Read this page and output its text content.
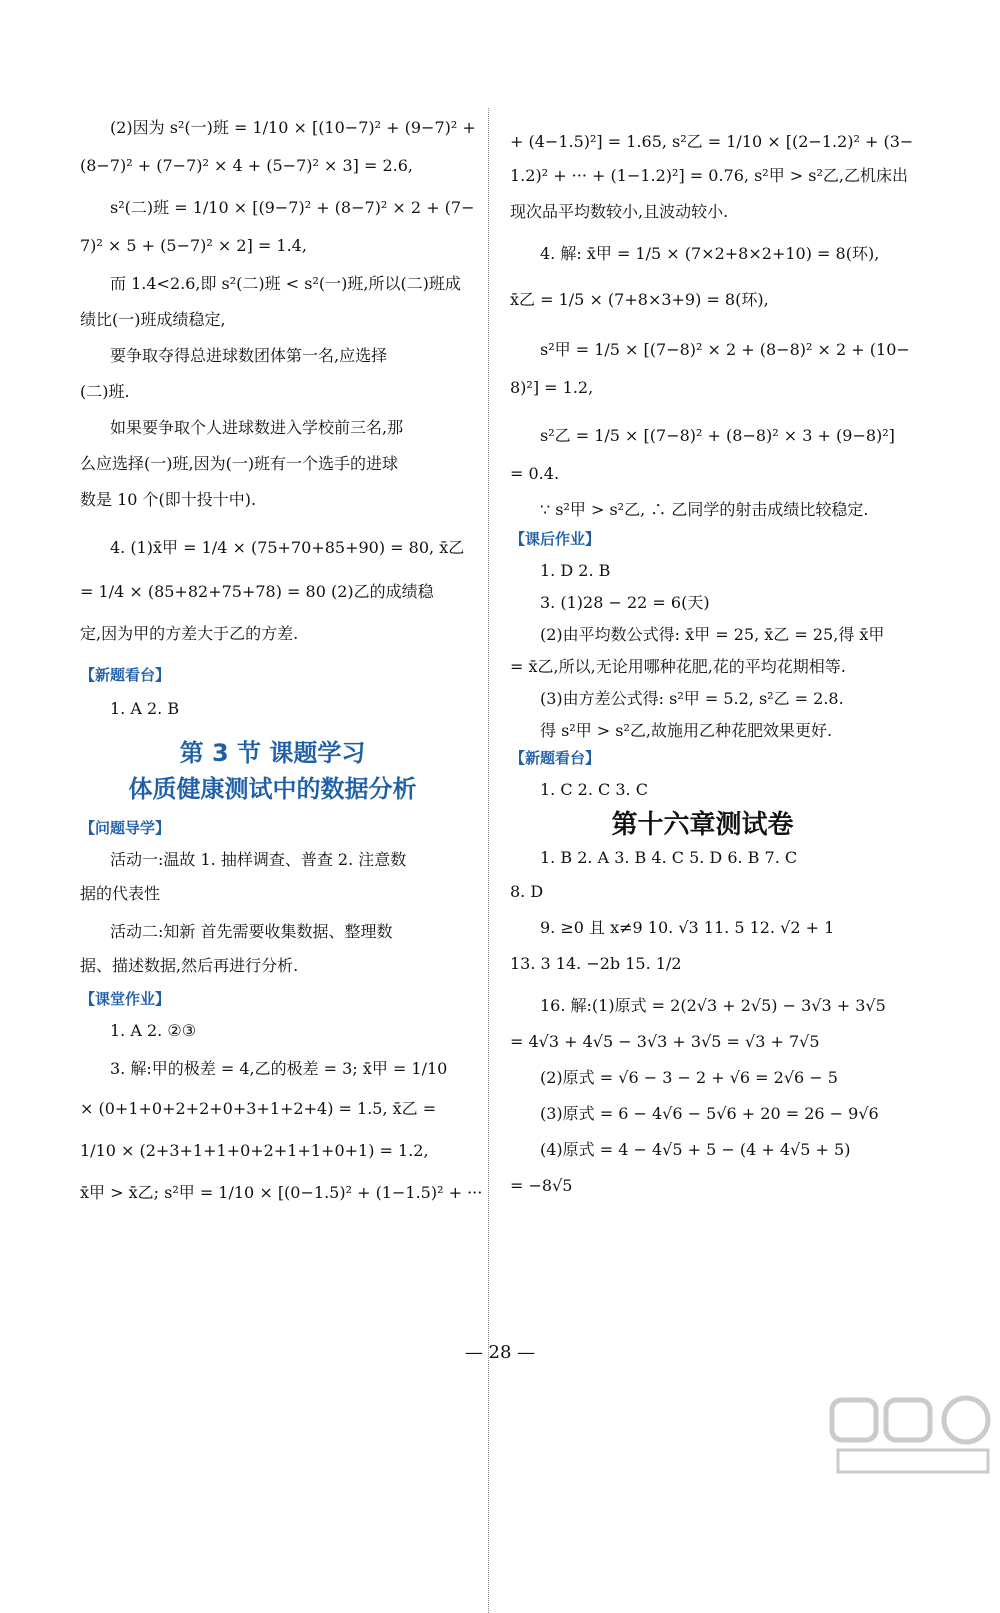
(2)因为 s²(一)班 = 1/10 × [(10−7)² + (9−7)² +
(8−7)² + (7−7)² × 4 + (5−7)² × 3] = 2.6,
s²(二)班 = 1/10 × [(9−7)² + (8−7)² × 2 + (7−
7)² × 5 + (5−7)² × 2] = 1.4,
而 1.4<2.6,即 s²(二)班 < s²(一)班,所以(二)班成
绩比(一)班成绩稳定,
要争取夺得总进球数团体第一名,应选择
(二)班.
如果要争取个人进球数进入学校前三名,那
么应选择(一)班,因为(一)班有一个选手的进球
数是 10 个(即十投十中).
4. (1)x̄甲 = 1/4 × (75+70+85+90) = 80, x̄乙
= 1/4 × (85+82+75+78) = 80 (2)乙的成绩稳
定,因为甲的方差大于乙的方差.
【新题看台】
1. A 2. B
第 3 节 课题学习
体质健康测试中的数据分析
【问题导学】
活动一:温故 1. 抽样调查、普查 2. 注意数
据的代表性
活动二:知新 首先需要收集数据、整理数
据、描述数据,然后再进行分析.
【课堂作业】
1. A 2. ②③
3. 解:甲的极差 = 4,乙的极差 = 3; x̄甲 = 1/10
× (0+1+0+2+2+0+3+1+2+4) = 1.5, x̄乙 =
1/10 × (2+3+1+1+0+2+1+1+0+1) = 1.2,
x̄甲 > x̄乙; s²甲 = 1/10 × [(0−1.5)² + (1−1.5)² + ···
+ (4−1.5)²] = 1.65, s²乙 = 1/10 × [(2−1.2)² + (3−
1.2)² + ··· + (1−1.2)²] = 0.76, s²甲 > s²乙,乙机床出
现次品平均数较小,且波动较小.
4. 解: x̄甲 = 1/5 × (7×2+8×2+10) = 8(环),
x̄乙 = 1/5 × (7+8×3+9) = 8(环),
s²甲 = 1/5 × [(7−8)² × 2 + (8−8)² × 2 + (10−
8)²] = 1.2,
s²乙 = 1/5 × [(7−8)² + (8−8)² × 3 + (9−8)²]
= 0.4.
∵ s²甲 > s²乙, ∴ 乙同学的射击成绩比较稳定.
【课后作业】
1. D 2. B
3. (1)28 − 22 = 6(天)
(2)由平均数公式得: x̄甲 = 25, x̄乙 = 25,得 x̄甲
= x̄乙,所以,无论用哪种花肥,花的平均花期相等.
(3)由方差公式得: s²甲 = 5.2, s²乙 = 2.8.
得 s²甲 > s²乙,故施用乙种花肥效果更好.
【新题看台】
1. C 2. C 3. C
第十六章测试卷
1. B 2. A 3. B 4. C 5. D 6. B 7. C
8. D
9. ≥0 且 x≠9 10. √3 11. 5 12. √2 + 1
13. 3 14. −2b 15. 1/2
16. 解:(1)原式 = 2(2√3 + 2√5) − 3√3 + 3√5
= 4√3 + 4√5 − 3√3 + 3√5 = √3 + 7√5
(2)原式 = √6 − 3 − 2 + √6 = 2√6 − 5
(3)原式 = 6 − 4√6 − 5√6 + 20 = 26 − 9√6
(4)原式 = 4 − 4√5 + 5 − (4 + 4√5 + 5)
= −8√5
— 28 —
